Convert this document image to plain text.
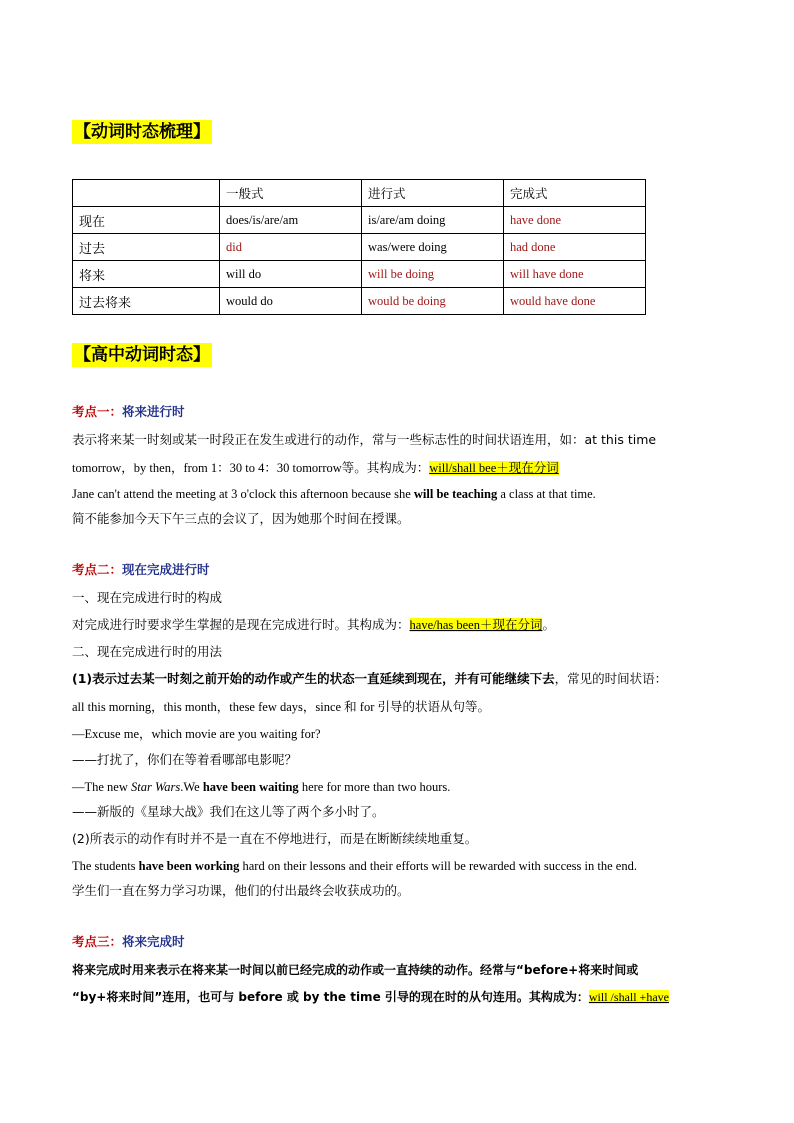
【动词时态梳理】
	一般式	进行式	完成式
现在	does/is/are/am	is/are/am doing	have done
过去	did	was/were doing	had done
将来	will do	will be doing	will have done
过去将来	would do	would be doing	would have done
【高中动词时态】
考点一：将来进行时
表示将来某一时刻或某一时段正在发生或进行的动作，常与一些标志性的时间状语连用，如：at this time
tomorrow，by then，from 1：30 to 4：30 tomorrow等。其构成为：will/shall bee＋现在分词
Jane can't attend the meeting at 3 o'clock this afternoon because she will be teaching a class at that time.
简不能参加今天下午三点的会议了，因为她那个时间在授课。
考点二：现在完成进行时
一、现在完成进行时的构成
对完成进行时要求学生掌握的是现在完成进行时。其构成为：have/has been＋现在分词。
二、现在完成进行时的用法
(1)表示过去某一时刻之前开始的动作或产生的状态一直延续到现在，并有可能继续下去，常见的时间状语：
all this morning，this month，these few days，since 和 for 引导的状语从句等。
—Excuse me，which movie are you waiting for?
——打扰了，你们在等着看哪部电影呢？
—The new Star Wars.We have been waiting here for more than two hours.
——新版的《星球大战》我们在这儿等了两个多小时了。
(2)所表示的动作有时并不是一直在不停地进行，而是在断断续续地重复。
The students have been working hard on their lessons and their efforts will be rewarded with success in the end.
学生们一直在努力学习功课，他们的付出最终会收获成功的。
考点三：将来完成时
将来完成时用来表示在将来某一时间以前已经完成的动作或一直持续的动作。经常与“before+将来时间或
“by+将来时间”连用，也可与 before 或 by the time 引导的现在时的从句连用。其构成为：will /shall +have
